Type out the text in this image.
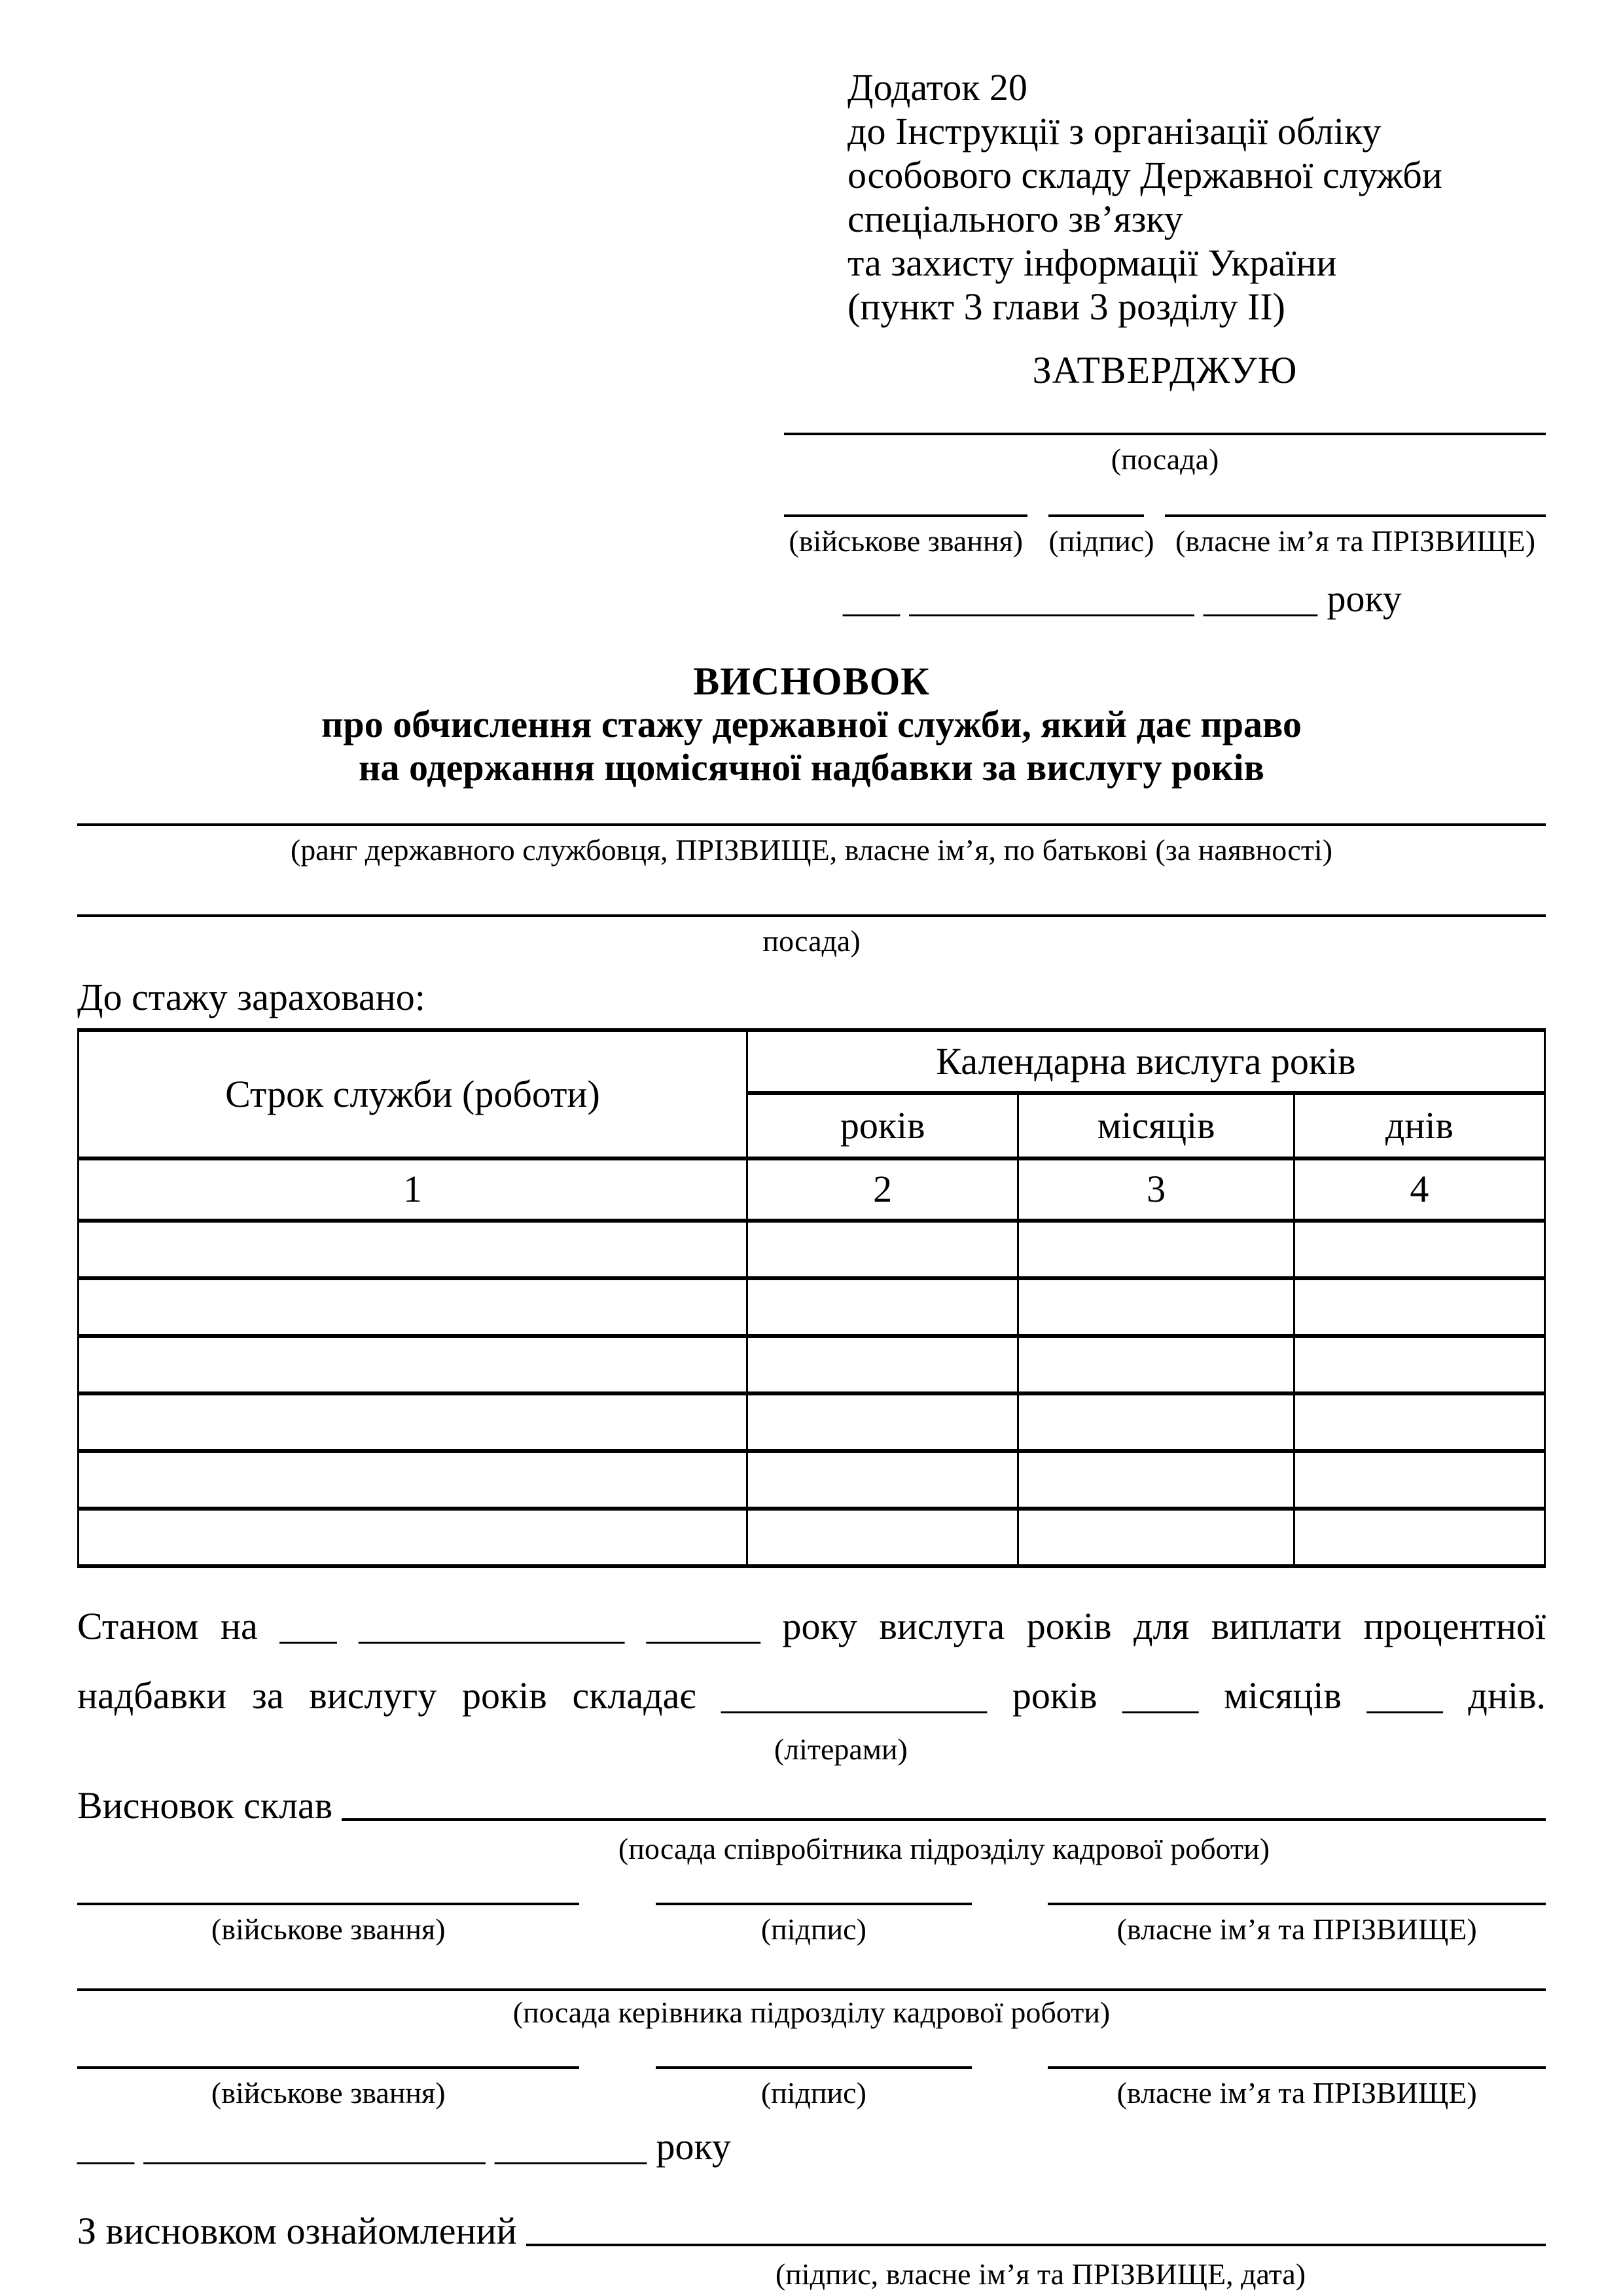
Додаток 20
до Інструкції з організації обліку
особового складу Державної служби
спеціального зв’язку
та захисту інформації України
(пункт 3 глави 3 розділу II)
ЗАТВЕРДЖУЮ
(посада)
(військове звання) (підпис) (власне ім’я та ПРІЗВИЩЕ)
___ _______________ ______ року
ВИСНОВОК
про обчислення стажу державної служби, який дає право
на одержання щомісячної надбавки за вислугу років
(ранг державного службовця, ПРІЗВИЩЕ, власне ім’я, по батькові (за наявності)
посада)
До стажу зараховано:
Строк служби (роботи)	Календарна вислуга років		
	років	місяців	днів
1	2	3	4

Станом на ___ ______________ ______ року вислуга років для виплати процентної
надбавки за вислугу років складає ______________ років ____ місяців ____ днів.
(літерами)
Висновок склав
(посада співробітника підрозділу кадрової роботи)
(військове звання)	(підпис)	(власне ім’я та ПРІЗВИЩЕ)
(посада керівника підрозділу кадрової роботи)
(військове звання)	(підпис)	(власне ім’я та ПРІЗВИЩЕ)
___ __________________ ________ року
З висновком ознайомлений
(підпис, власне ім’я та ПРІЗВИЩЕ, дата)
